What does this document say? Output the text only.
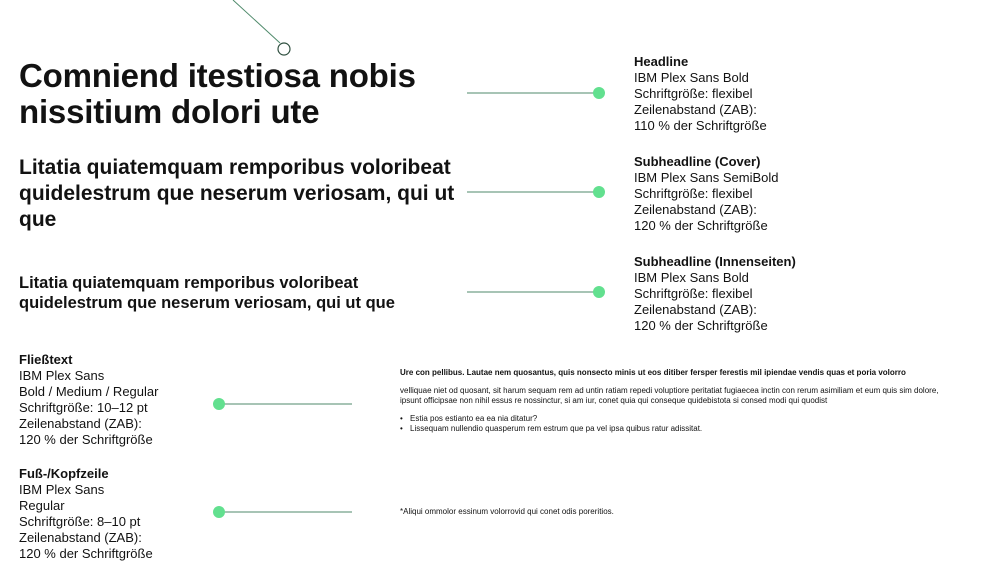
Comniend itestiosa nobis nissitium dolori ute
Litatia quiatemquam remporibus voloribeat quidelestrum que neserum veriosam, qui ut que
Litatia quiatemquam remporibus voloribeat quidelestrum que neserum veriosam, qui ut que
Headline
IBM Plex Sans Bold
Schriftgröße: flexibel
Zeilenabstand (ZAB):
110 % der Schriftgröße
Subheadline (Cover)
IBM Plex Sans SemiBold
Schriftgröße: flexibel
Zeilenabstand (ZAB):
120 % der Schriftgröße
Subheadline (Innenseiten)
IBM Plex Sans Bold
Schriftgröße: flexibel
Zeilenabstand (ZAB):
120 % der Schriftgröße
Fließtext
IBM Plex Sans
Bold / Medium / Regular
Schriftgröße: 10–12 pt
Zeilenabstand (ZAB):
120 % der Schriftgröße
Fuß-/Kopfzeile
IBM Plex Sans
Regular
Schriftgröße: 8–10 pt
Zeilenabstand (ZAB):
120 % der Schriftgröße

Ure con pellibus. Lautae nem quosantus, quis nonsecto minis ut eos ditiber fersper ferestis mil ipiendae vendis quas et poria volorro

velliquae niet od quosant, sit harum sequam rem ad untin ratiam repedi voluptiore peritatiat fugiaecea inctin con rerum asimiliam et eum quis sim dolore, ipsunt officipsae non nihil essus re nossinctur, si am iur, conet quia qui conseque quidebistota si consed modi qui quodist

• Estia pos estianto ea ea nia ditatur?
• Lissequam nullendio quasperum rem estrum que pa vel ipsa quibus ratur adissitat.
*Aliqui ommolor essinum volorrovid qui conet odis poreritios.
